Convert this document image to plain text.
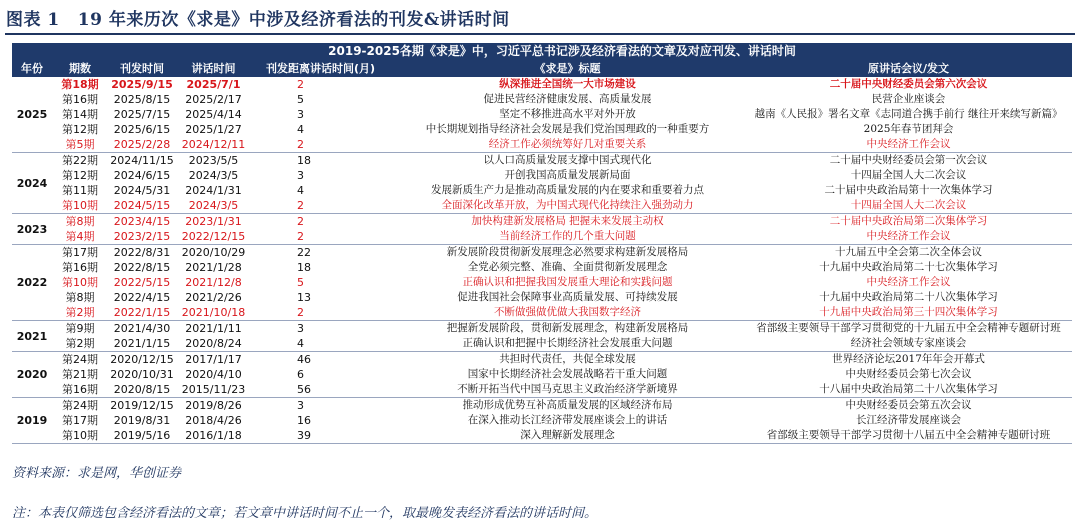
图表 1 19 年来历次《求是》中涉及经济看法的刊发&讲话时间
	2019-2025各期《求是》中，习近平总书记涉及经济看法的文章及对应刊发、讲话时间					
年份	期数	刊发时间	讲话时间	刊发距离讲话时间(月)	《求是》标题	原讲话会议/发文
2025	第18期	2025/9/15	2025/7/1	2	纵深推进全国统一大市场建设	二十届中央财经委员会第六次会议
	第16期	2025/8/15	2025/2/17	5	促进民营经济健康发展、高质量发展	民营企业座谈会
	第14期	2025/7/15	2025/4/14	3	坚定不移推进高水平对外开放	越南《人民报》署名文章《志同道合携手前行 继往开来续写新篇》
	第12期	2025/6/15	2025/1/27	4	中长期规划指导经济社会发展是我们党治国理政的一种重要方	2025年春节团拜会
	第5期	2025/2/28	2024/12/11	2	经济工作必须统筹好几对重要关系	中央经济工作会议
2024	第22期	2024/11/15	2023/5/5	18	以人口高质量发展支撑中国式现代化	二十届中央财经委员会第一次会议
	第12期	2024/6/15	2024/3/5	3	开创我国高质量发展新局面	十四届全国人大二次会议
	第11期	2024/5/31	2024/1/31	4	发展新质生产力是推动高质量发展的内在要求和重要着力点	二十届中央政治局第十一次集体学习
	第10期	2024/5/15	2024/3/5	2	全面深化改革开放，为中国式现代化持续注入强劲动力	十四届全国人大二次会议
2023	第8期	2023/4/15	2023/1/31	2	加快构建新发展格局 把握未来发展主动权	二十届中央政治局第二次集体学习
	第4期	2023/2/15	2022/12/15	2	当前经济工作的几个重大问题	中央经济工作会议
2022	第17期	2022/8/31	2020/10/29	22	新发展阶段贯彻新发展理念必然要求构建新发展格局	十九届五中全会第二次全体会议
	第16期	2022/8/15	2021/1/28	18	全党必须完整、准确、全面贯彻新发展理念	十九届中央政治局第二十七次集体学习
	第10期	2022/5/15	2021/12/8	5	正确认识和把握我国发展重大理论和实践问题	中央经济工作会议
	第8期	2022/4/15	2021/2/26	13	促进我国社会保障事业高质量发展、可持续发展	十九届中央政治局第二十八次集体学习
	第2期	2022/1/15	2021/10/18	2	不断做强做优做大我国数字经济	十九届中央政治局第三十四次集体学习
2021	第9期	2021/4/30	2021/1/11	3	把握新发展阶段，贯彻新发展理念，构建新发展格局	省部级主要领导干部学习贯彻党的十九届五中全会精神专题研讨班
	第2期	2021/1/15	2020/8/24	4	正确认识和把握中长期经济社会发展重大问题	经济社会领域专家座谈会
2020	第24期	2020/12/15	2017/1/17	46	共担时代责任，共促全球发展	世界经济论坛2017年年会开幕式
	第21期	2020/10/31	2020/4/10	6	国家中长期经济社会发展战略若干重大问题	中央财经委员会第七次会议
	第16期	2020/8/15	2015/11/23	56	不断开拓当代中国马克思主义政治经济学新境界	十八届中央政治局第二十八次集体学习
2019	第24期	2019/12/15	2019/8/26	3	推动形成优势互补高质量发展的区域经济布局	中央财经委员会第五次会议
	第17期	2019/8/31	2018/4/26	16	在深入推动长江经济带发展座谈会上的讲话	长江经济带发展座谈会
	第10期	2019/5/16	2016/1/18	39	深入理解新发展理念	省部级主要领导干部学习贯彻十八届五中全会精神专题研讨班
资料来源：求是网，华创证券
注：本表仅筛选包含经济看法的文章；若文章中讲话时间不止一个，取最晚发表经济看法的讲话时间。
